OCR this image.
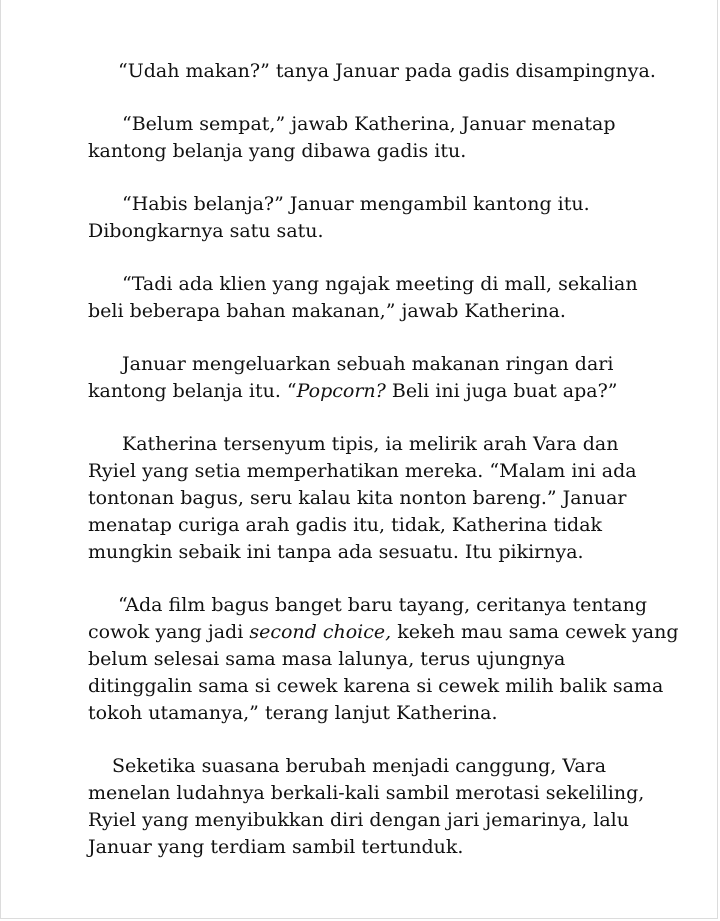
“Udah makan?” tanya Januar pada gadis disampingnya.

“Belum sempat,” jawab Katherina, Januar menatap
kantong belanja yang dibawa gadis itu.

“Habis belanja?” Januar mengambil kantong itu.
Dibongkarnya satu satu.

“Tadi ada klien yang ngajak meeting di mall, sekalian
beli beberapa bahan makanan,” jawab Katherina.

Januar mengeluarkan sebuah makanan ringan dari
kantong belanja itu. “Popcorn? Beli ini juga buat apa?”

Katherina tersenyum tipis, ia melirik arah Vara dan
Ryiel yang setia memperhatikan mereka. “Malam ini ada
tontonan bagus, seru kalau kita nonton bareng.” Januar
menatap curiga arah gadis itu, tidak, Katherina tidak
mungkin sebaik ini tanpa ada sesuatu. Itu pikirnya.

“Ada film bagus banget baru tayang, ceritanya tentang
cowok yang jadi second choice, kekeh mau sama cewek yang
belum selesai sama masa lalunya, terus ujungnya
ditinggalin sama si cewek karena si cewek milih balik sama
tokoh utamanya,” terang lanjut Katherina.

Seketika suasana berubah menjadi canggung, Vara
menelan ludahnya berkali-kali sambil merotasi sekeliling,
Ryiel yang menyibukkan diri dengan jari jemarinya, lalu
Januar yang terdiam sambil tertunduk.
